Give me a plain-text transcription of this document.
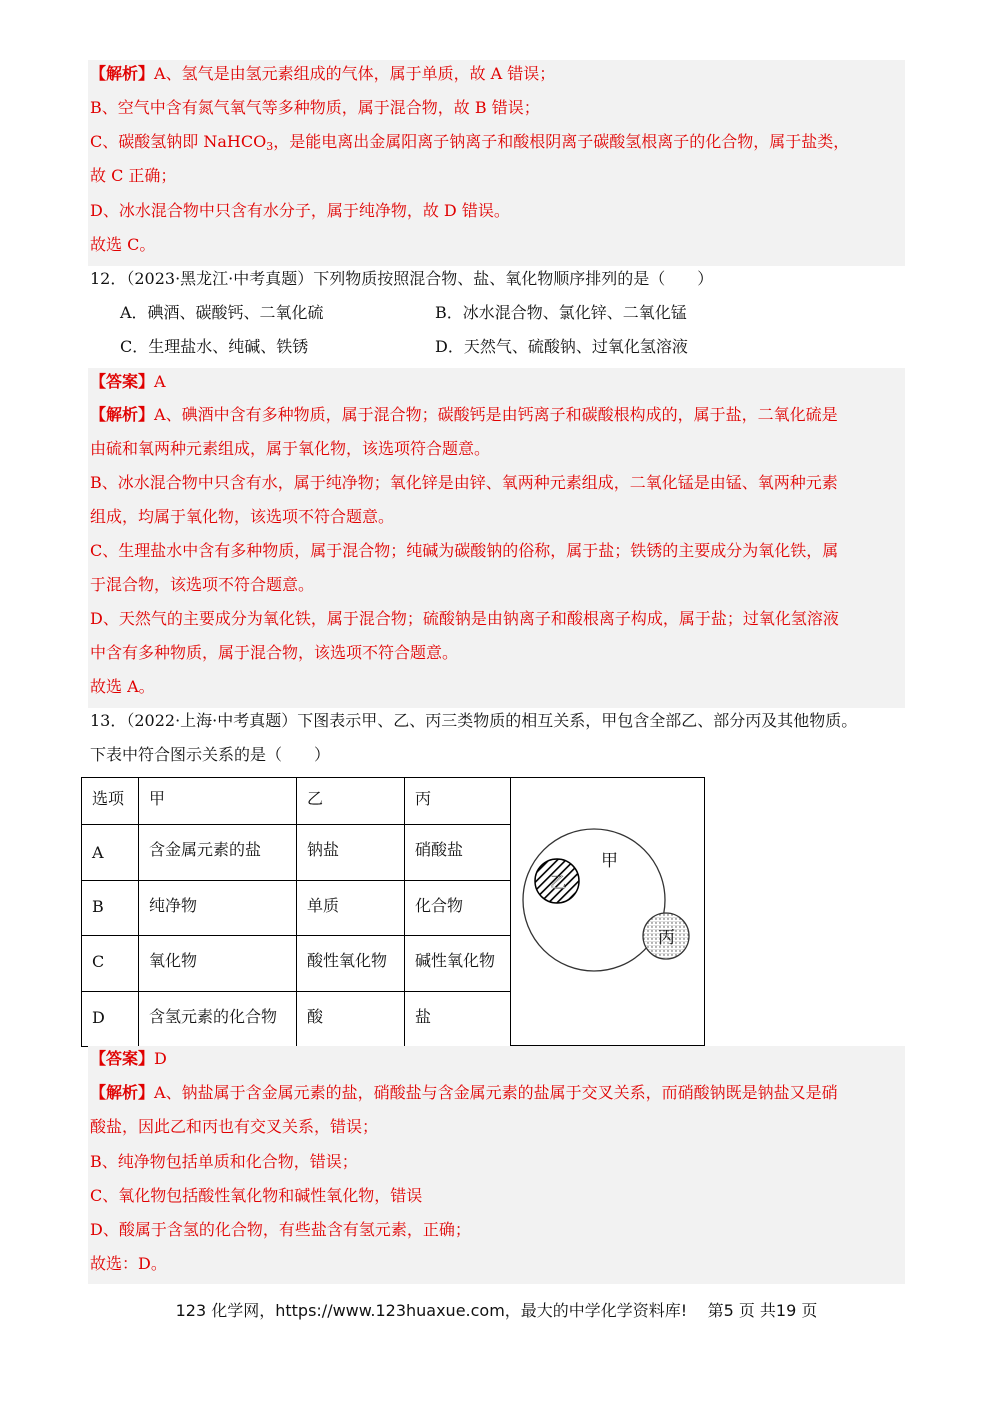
【解析】A、氢气是由氢元素组成的气体，属于单质，故 A 错误；
B、空气中含有氮气氧气等多种物质，属于混合物，故 B 错误；
C、碳酸氢钠即 NaHCO$_3$，是能电离出金属阳离子钠离子和酸根阴离子碳酸氢根离子的化合物，属于盐类，
故 C 正确；
D、冰水混合物中只含有水分子，属于纯净物，故 D 错误。
故选 C。
12．（2023·黑龙江·中考真题）下列物质按照混合物、盐、氧化物顺序排列的是（　　）
A．碘酒、碳酸钙、二氧化硫	B．冰水混合物、氯化锌、二氧化锰
C．生理盐水、纯碱、铁锈	D．天然气、硫酸钠、过氧化氢溶液
【答案】A
【解析】A、碘酒中含有多种物质，属于混合物；碳酸钙是由钙离子和碳酸根构成的，属于盐，二氧化硫是
由硫和氧两种元素组成，属于氧化物，该选项符合题意。
B、冰水混合物中只含有水，属于纯净物；氧化锌是由锌、氧两种元素组成，二氧化锰是由锰、氧两种元素
组成，均属于氧化物，该选项不符合题意。
C、生理盐水中含有多种物质，属于混合物；纯碱为碳酸钠的俗称，属于盐；铁锈的主要成分为氧化铁，属
于混合物，该选项不符合题意。
D、天然气的主要成分为氧化铁，属于混合物；硫酸钠是由钠离子和酸根离子构成，属于盐；过氧化氢溶液
中含有多种物质，属于混合物，该选项不符合题意。
故选 A。
13．（2022·上海·中考真题）下图表示甲、乙、丙三类物质的相互关系，甲包含全部乙、部分丙及其他物质。
下表中符合图示关系的是（　　）
选项	甲	乙	丙
A	含金属元素的盐	钠盐	硝酸盐
B	纯净物	单质	化合物
C	氧化物	酸性氧化物	碱性氧化物
D	含氢元素的化合物	酸	盐
甲
乙
丙
【答案】D
【解析】A、钠盐属于含金属元素的盐，硝酸盐与含金属元素的盐属于交叉关系，而硝酸钠既是钠盐又是硝
酸盐，因此乙和丙也有交叉关系，错误；
B、纯净物包括单质和化合物，错误；
C、氧化物包括酸性氧化物和碱性氧化物，错误
D、酸属于含氢的化合物，有些盐含有氢元素，正确；
故选：D。
123 化学网，https://www.123huaxue.com，最大的中学化学资料库! 第5 页 共19 页
